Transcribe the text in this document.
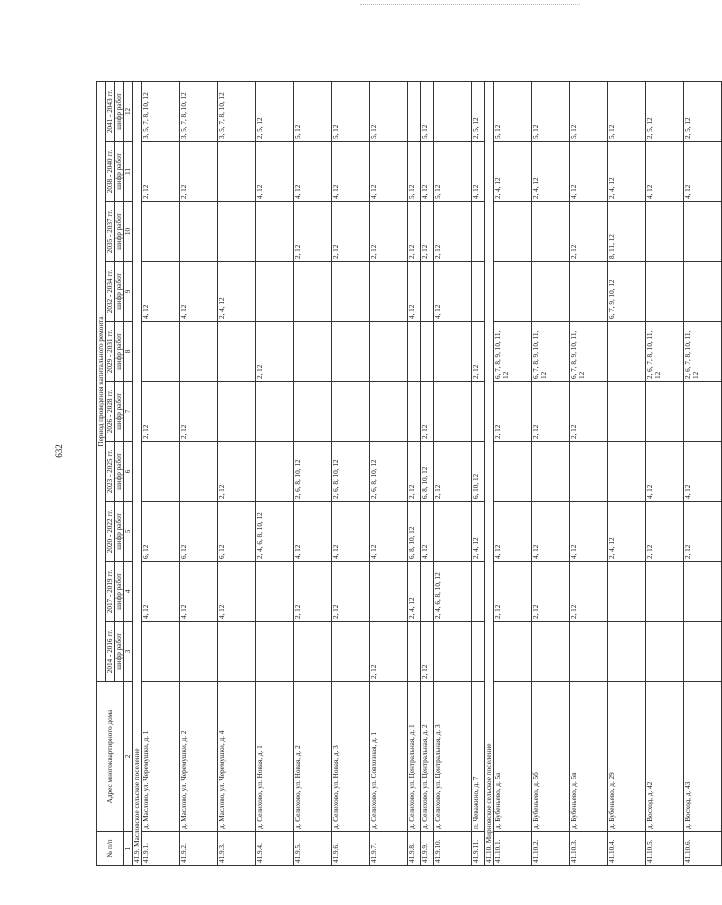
632
№ п/п	Адрес многоквартирного дома	Период проведения капитального ремонта									
		2014 - 2016 гг.	2017 - 2019 гг.	2020 - 2022 гг.	2023 - 2025 гг.	2026 - 2028 гг.	2029 - 2031 гг.	2032 - 2034 гг.	2035 - 2037 гг.	2038 - 2040 гг.	2041 - 2043 гг.
		шифр работ	шифр работ	шифр работ	шифр работ	шифр работ	шифр работ	шифр работ	шифр работ	шифр работ	шифр работ
1	2	3	4	5	6	7	8	9	10	11	12
41.9. Масловское сельское поселение											
41.9.1.	д. Маслово, ул. Черемушки, д. 1		4, 12	6, 12		2, 12		4, 12		2, 12	3, 5, 7, 8, 10, 12
41.9.2.	д. Маслово, ул. Черемушки, д. 2		4, 12	6, 12		2, 12		4, 12		2, 12	3, 5, 7, 8, 10, 12
41.9.3.	д. Маслово, ул. Черемушки, д. 4		4, 12	6, 12	2, 12			2, 4, 12			3, 5, 7, 8, 10, 12
41.9.4.	д. Селихово, ул. Новая, д. 1			2, 4, 6, 8, 10, 12			2, 12			4, 12	2, 5, 12
41.9.5.	д. Селихово, ул. Новая, д. 2		2, 12	4, 12	2, 6, 8, 10, 12				2, 12	4, 12	5, 12
41.9.6.	д. Селихово, ул. Новая, д. 3		2, 12	4, 12	2, 6, 8, 10, 12				2, 12	4, 12	5, 12
41.9.7.	д. Селихово, ул. Совхозная, д. 1	2, 12		4, 12	2, 6, 8, 10, 12				2, 12	4, 12	5, 12
41.9.8.	д. Селихово, ул. Центральная, д. 1		2, 4, 12	6, 8, 10, 12	2, 12			4, 12	2, 12	5, 12	
41.9.9.	д. Селихово, ул. Центральная, д. 2	2, 12		4, 12	6, 8, 10, 12	2, 12			2, 12	4, 12	5, 12
41.9.10.	д. Селихово, ул. Центральная, д. 3		2, 4, 6, 8, 10, 12		2, 12			4, 12	2, 12	5, 12	
41.9.11.	п. Чеважино, д. 7			2, 4, 12	6, 10, 12		2, 12			4, 12	2, 5, 12
41.10. Мирновское сельское поселение											
41.10.1.	д. Бубеньево, д. 5а		2, 12	4, 12		2, 12	6, 7, 8, 9, 10, 11, 12			2, 4, 12	5, 12
41.10.2.	д. Бубеньево, д. 5б		2, 12	4, 12		2, 12	6, 7, 8, 9, 10, 11, 12			2, 4, 12	5, 12
41.10.3.	д. Бубеньево, д. 5в		2, 12	4, 12		2, 12	6, 7, 8, 9, 10, 11, 12		2, 12	4, 12	5, 12
41.10.4.	д. Бубеньево, д. 29			2, 4, 12				6, 7, 9, 10, 12	8, 11, 12	2, 4, 12	5, 12
41.10.5.	д. Восход, д. 42			2, 12	4, 12		2, 6, 7, 8, 10, 11, 12			4, 12	2, 5, 12
41.10.6.	д. Восход, д. 43			2, 12	4, 12		2, 6, 7, 8, 10, 11, 12			4, 12	2, 5, 12
